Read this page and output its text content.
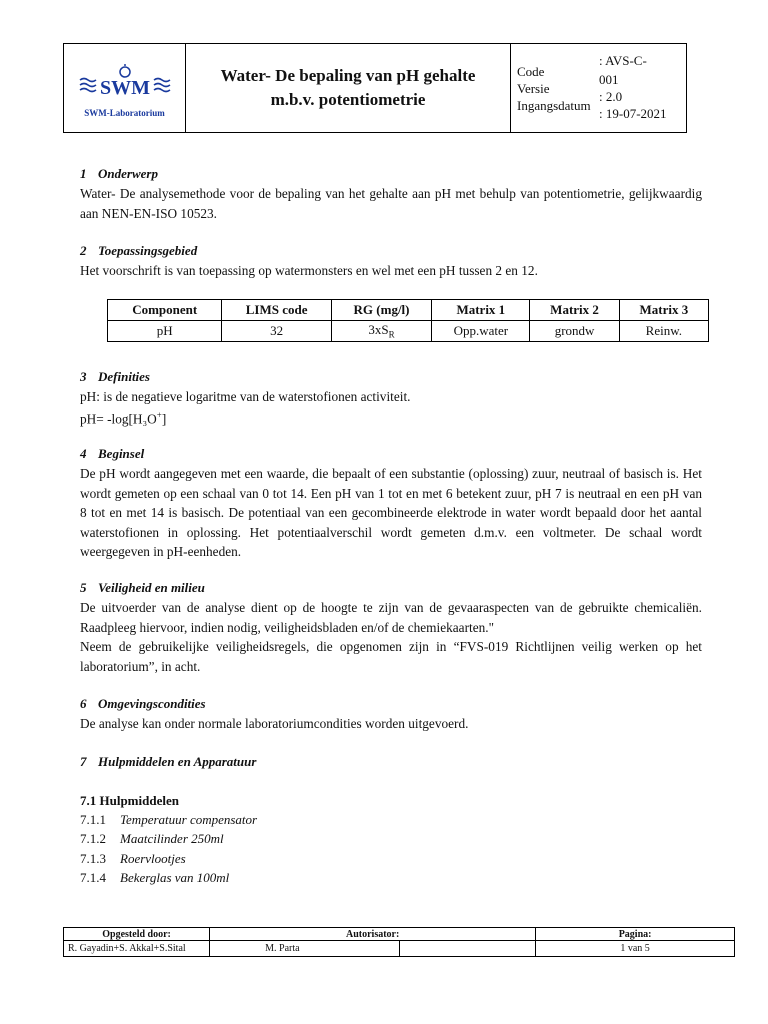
SWM
SWM-Laboratorium
Water- De bepaling van pH gehalte
m.b.v. potentiometrie
Code
: AVS-C-
001
Versie
: 2.0
Ingangsdatum
: 19-07-2021
1 Onderwerp
Water- De analysemethode voor de bepaling van het gehalte aan pH met behulp van potentiometrie, gelijkwaardig aan NEN-EN-ISO 10523.
2 Toepassingsgebied
Het voorschrift is van toepassing op watermonsters en wel met een pH tussen 2 en 12.
Component	LIMS code	RG (mg/l)	Matrix 1	Matrix 2	Matrix 3
pH	32	$3xS_R$	Opp.water	grondw	Reinw.
3 Definities
pH: is de negatieve logaritme van de waterstofionen activiteit.
pH= -log[H₃O+]
4 Beginsel
De pH wordt aangegeven met een waarde, die bepaalt of een substantie (oplossing) zuur, neutraal of basisch is. Het wordt gemeten op een schaal van 0 tot 14. Een pH van 1 tot en met 6 betekent zuur, pH 7 is neutraal en een pH van 8 tot en met 14 is basisch. De potentiaal van een gecombineerde elektrode in water wordt bepaald door het aantal waterstofionen in oplossing. Het potentiaalverschil wordt gemeten d.m.v. een voltmeter. De schaal wordt weergegeven in pH-eenheden.
5 Veiligheid en milieu
De uitvoerder van de analyse dient op de hoogte te zijn van de gevaaraspecten van de gebruikte chemicaliën. Raadpleeg hiervoor, indien nodig, veiligheidsbladen en/of de chemiekaarten."
Neem de gebruikelijke veiligheidsregels, die opgenomen zijn in “FVS-019 Richtlijnen veilig werken op het laboratorium”, in acht.
6 Omgevingscondities
De analyse kan onder normale laboratoriumcondities worden uitgevoerd.
7 Hulpmiddelen en Apparatuur
7.1 Hulpmiddelen
7.1.1 Temperatuur compensator
7.1.2 Maatcilinder 250ml
7.1.3 Roervlootjes
7.1.4 Bekerglas van 100ml
Opgesteld door:	Autorisator:		Pagina:
R. Gayadin+S. Akkal+S.Sital	M. Parta		1 van 5
